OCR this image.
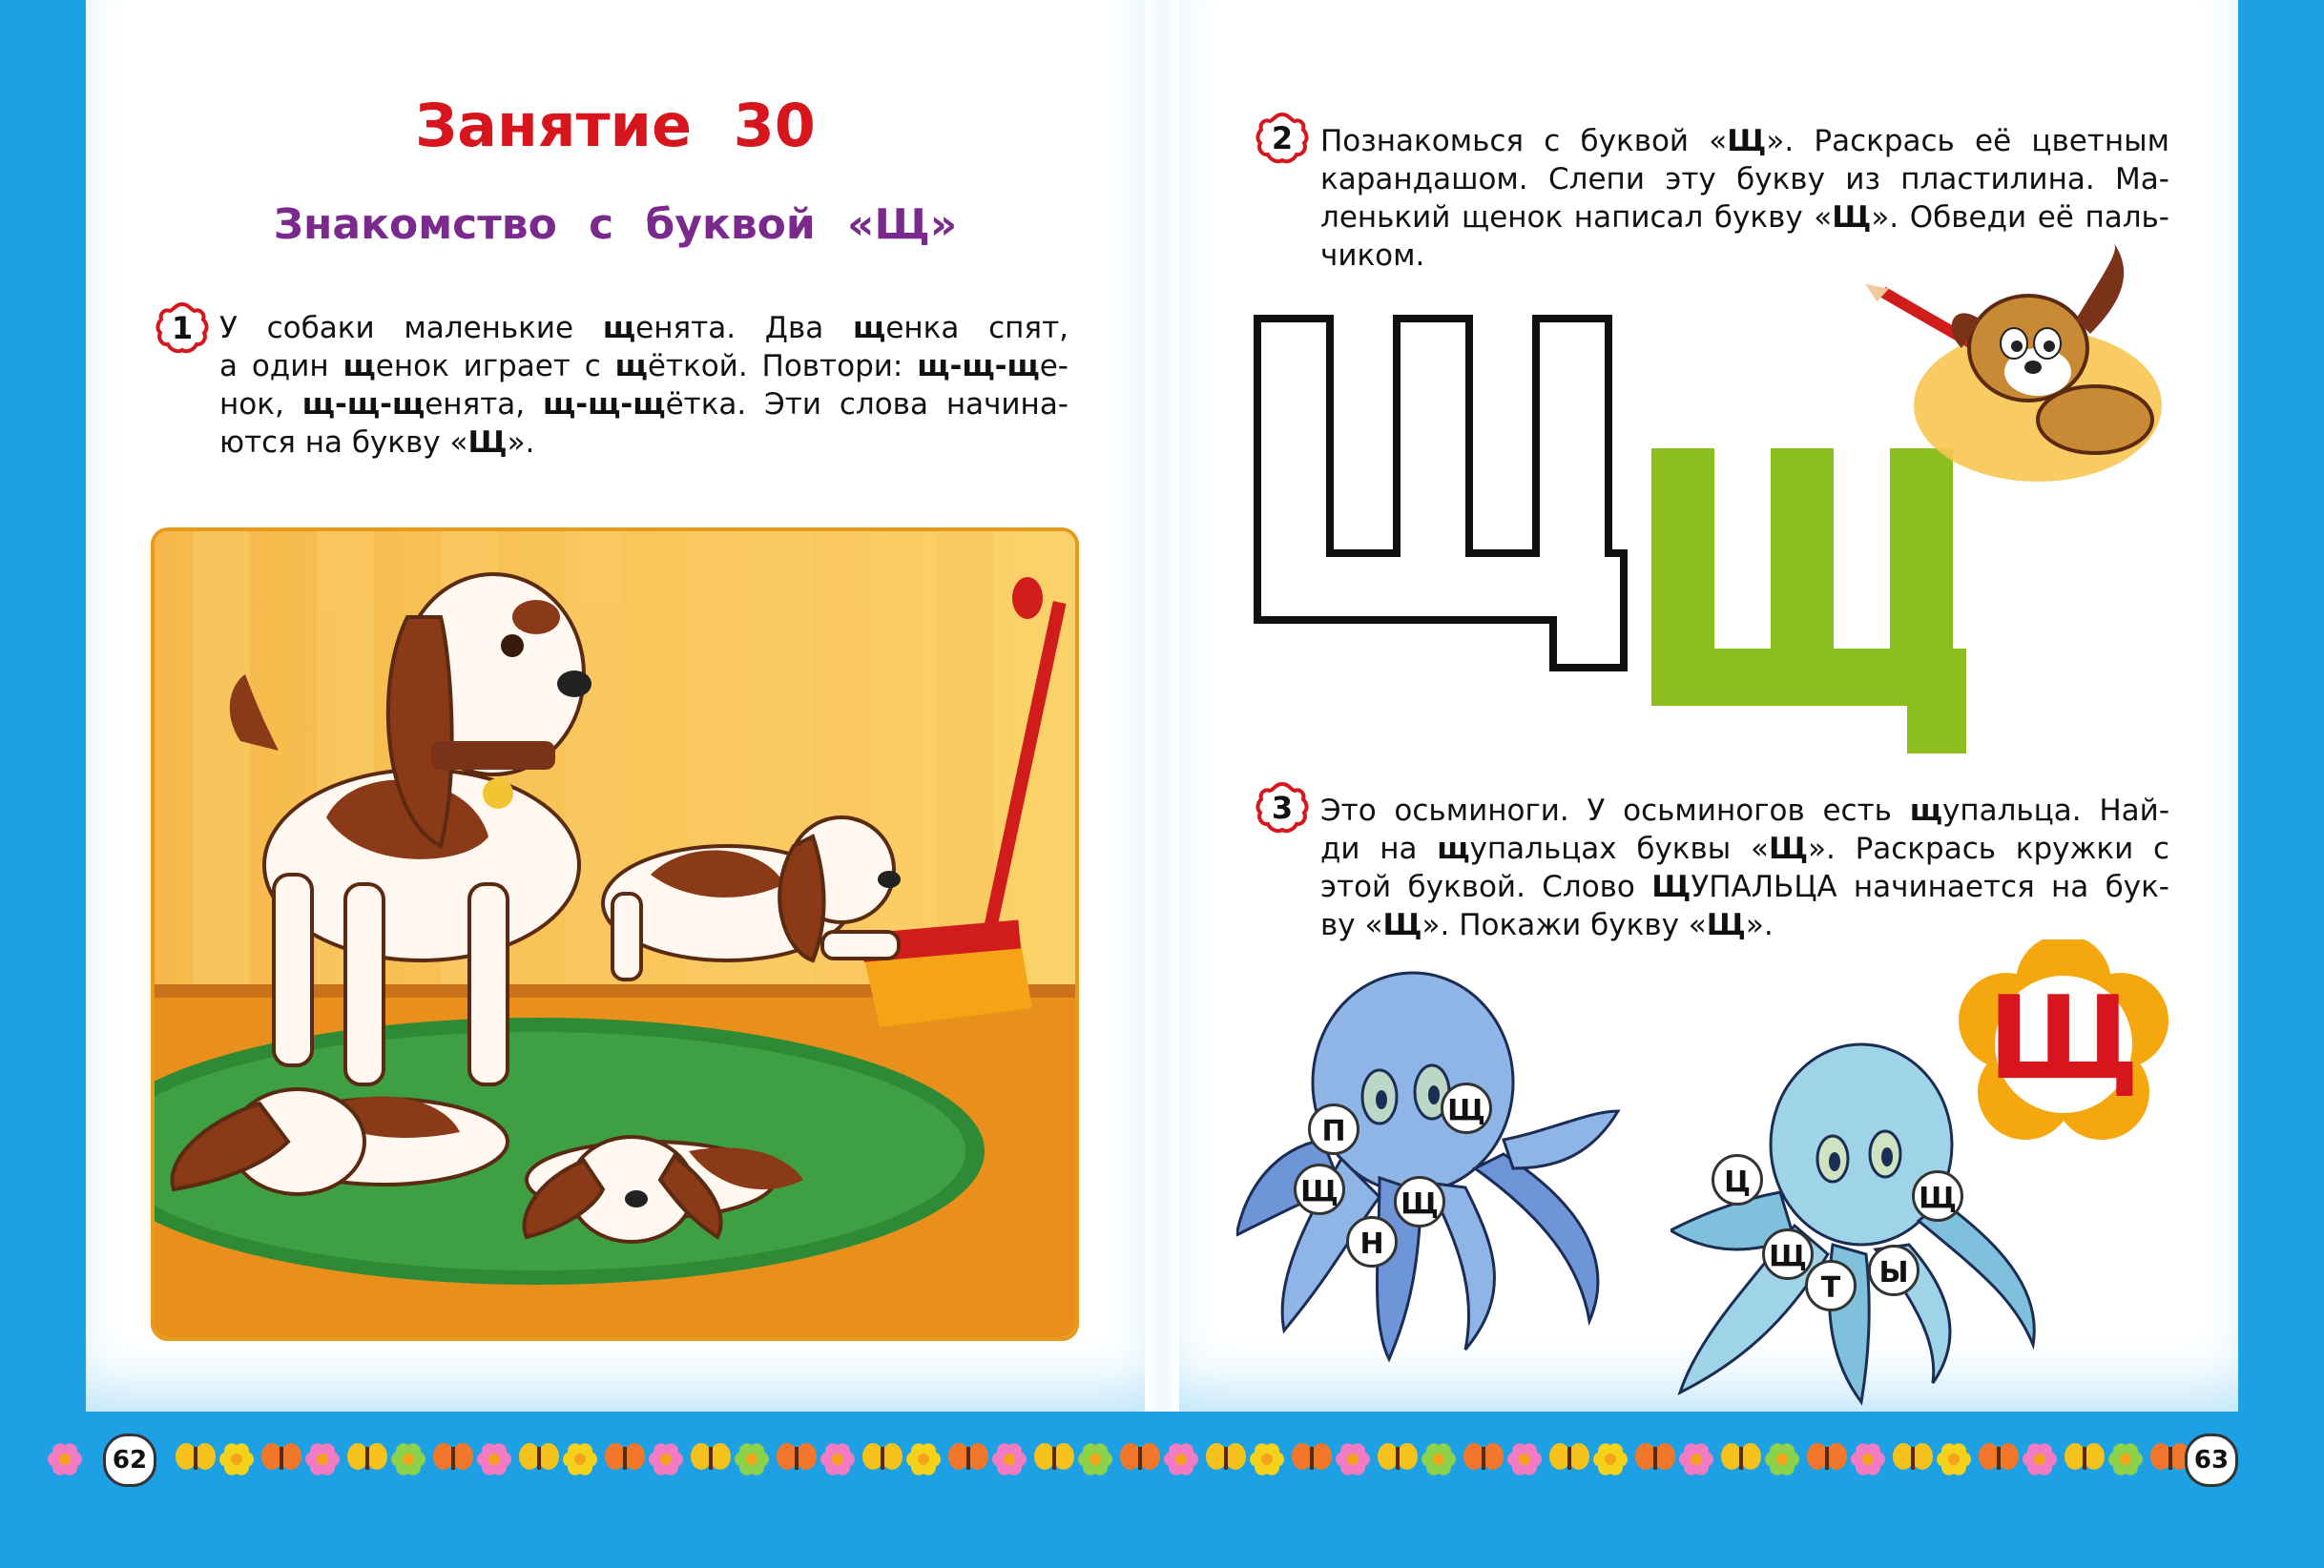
Занятие 30
Знакомство с буквой «Щ»
1 У собаки маленькие щенята. Два щенка спят,
а один щенок играет с щёткой. Повтори: щ-щ-ще-
нок, щ-щ-щенята, щ-щ-щётка. Эти слова начина-
ются на букву «Щ».
2 Познакомься с буквой «Щ». Раскрась её цветным
карандашом. Слепи эту букву из пластилина. Ма-
ленький щенок написал букву «Щ». Обведи её паль-
чиком.
3 Это осьминоги. У осьминогов есть щупальца. Най-
ди на щупальцах буквы «Щ». Раскрась кружки с
этой буквой. Слово ЩУПАЛЬЦА начинается на бук-
ву «Щ». Покажи букву «Щ».
Щ
П
Щ
Щ
Н
Щ
Ц	Щ
Щ
Т	Ы
62	63
